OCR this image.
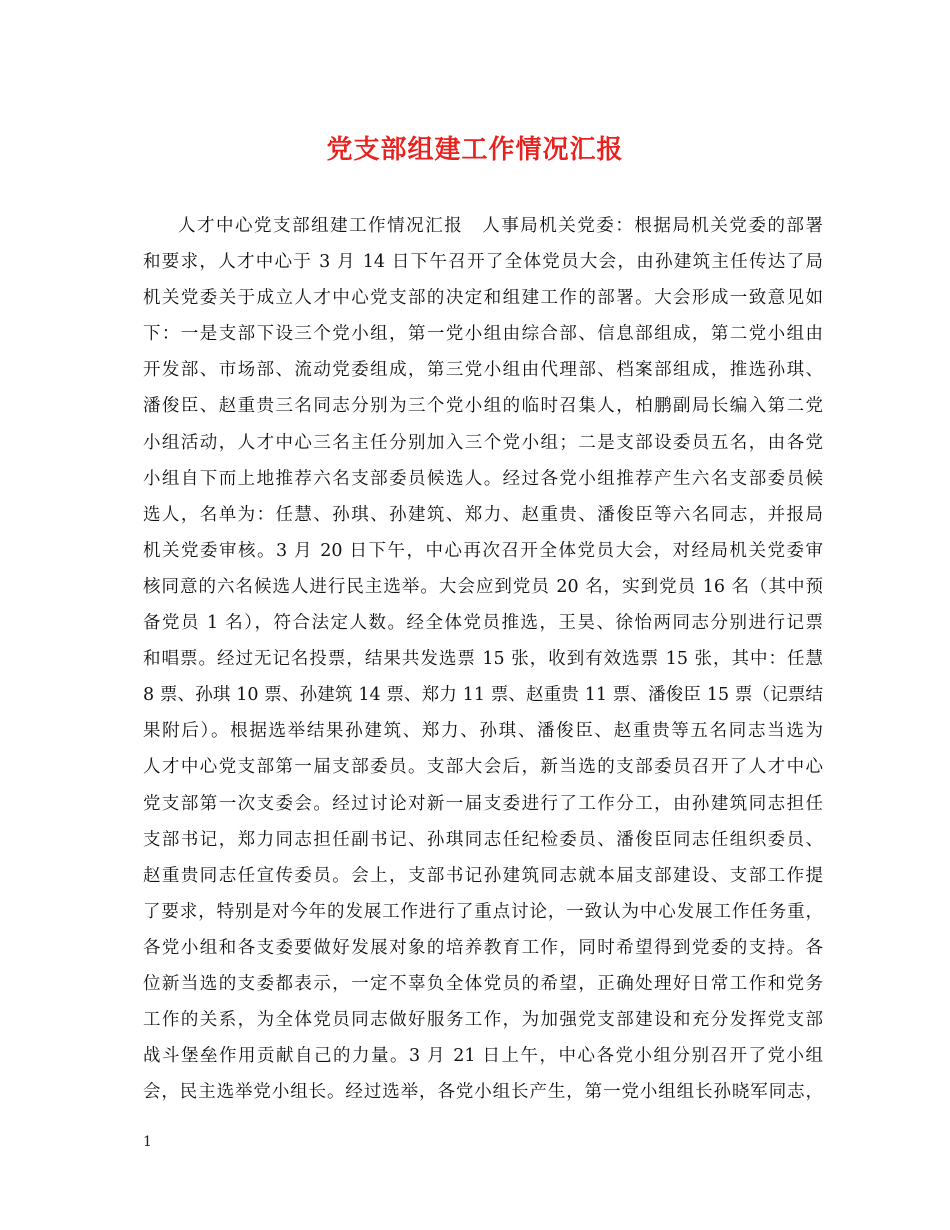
党支部组建工作情况汇报
人才中心党支部组建工作情况汇报　人事局机关党委：根据局机关党委的部署
和要求，人才中心于 3 月 14 日下午召开了全体党员大会，由孙建筑主任传达了局
机关党委关于成立人才中心党支部的决定和组建工作的部署。大会形成一致意见如
下：一是支部下设三个党小组，第一党小组由综合部、信息部组成，第二党小组由
开发部、市场部、流动党委组成，第三党小组由代理部、档案部组成，推选孙琪、
潘俊臣、赵重贵三名同志分别为三个党小组的临时召集人，柏鹏副局长编入第二党
小组活动，人才中心三名主任分别加入三个党小组；二是支部设委员五名，由各党
小组自下而上地推荐六名支部委员候选人。经过各党小组推荐产生六名支部委员候
选人，名单为：任慧、孙琪、孙建筑、郑力、赵重贵、潘俊臣等六名同志，并报局
机关党委审核。3 月 20 日下午，中心再次召开全体党员大会，对经局机关党委审
核同意的六名候选人进行民主选举。大会应到党员 20 名，实到党员 16 名（其中预
备党员 1 名），符合法定人数。经全体党员推选，王昊、徐怡两同志分别进行记票
和唱票。经过无记名投票，结果共发选票 15 张，收到有效选票 15 张，其中：任慧
8 票、孙琪 10 票、孙建筑 14 票、郑力 11 票、赵重贵 11 票、潘俊臣 15 票（记票结
果附后）。根据选举结果孙建筑、郑力、孙琪、潘俊臣、赵重贵等五名同志当选为
人才中心党支部第一届支部委员。支部大会后，新当选的支部委员召开了人才中心
党支部第一次支委会。经过讨论对新一届支委进行了工作分工，由孙建筑同志担任
支部书记，郑力同志担任副书记、孙琪同志任纪检委员、潘俊臣同志任组织委员、
赵重贵同志任宣传委员。会上，支部书记孙建筑同志就本届支部建设、支部工作提
了要求，特别是对今年的发展工作进行了重点讨论，一致认为中心发展工作任务重，
各党小组和各支委要做好发展对象的培养教育工作，同时希望得到党委的支持。各
位新当选的支委都表示，一定不辜负全体党员的希望，正确处理好日常工作和党务
工作的关系，为全体党员同志做好服务工作，为加强党支部建设和充分发挥党支部
战斗堡垒作用贡献自己的力量。3 月 21 日上午，中心各党小组分别召开了党小组
会，民主选举党小组长。经过选举，各党小组长产生，第一党小组组长孙晓军同志，
1
